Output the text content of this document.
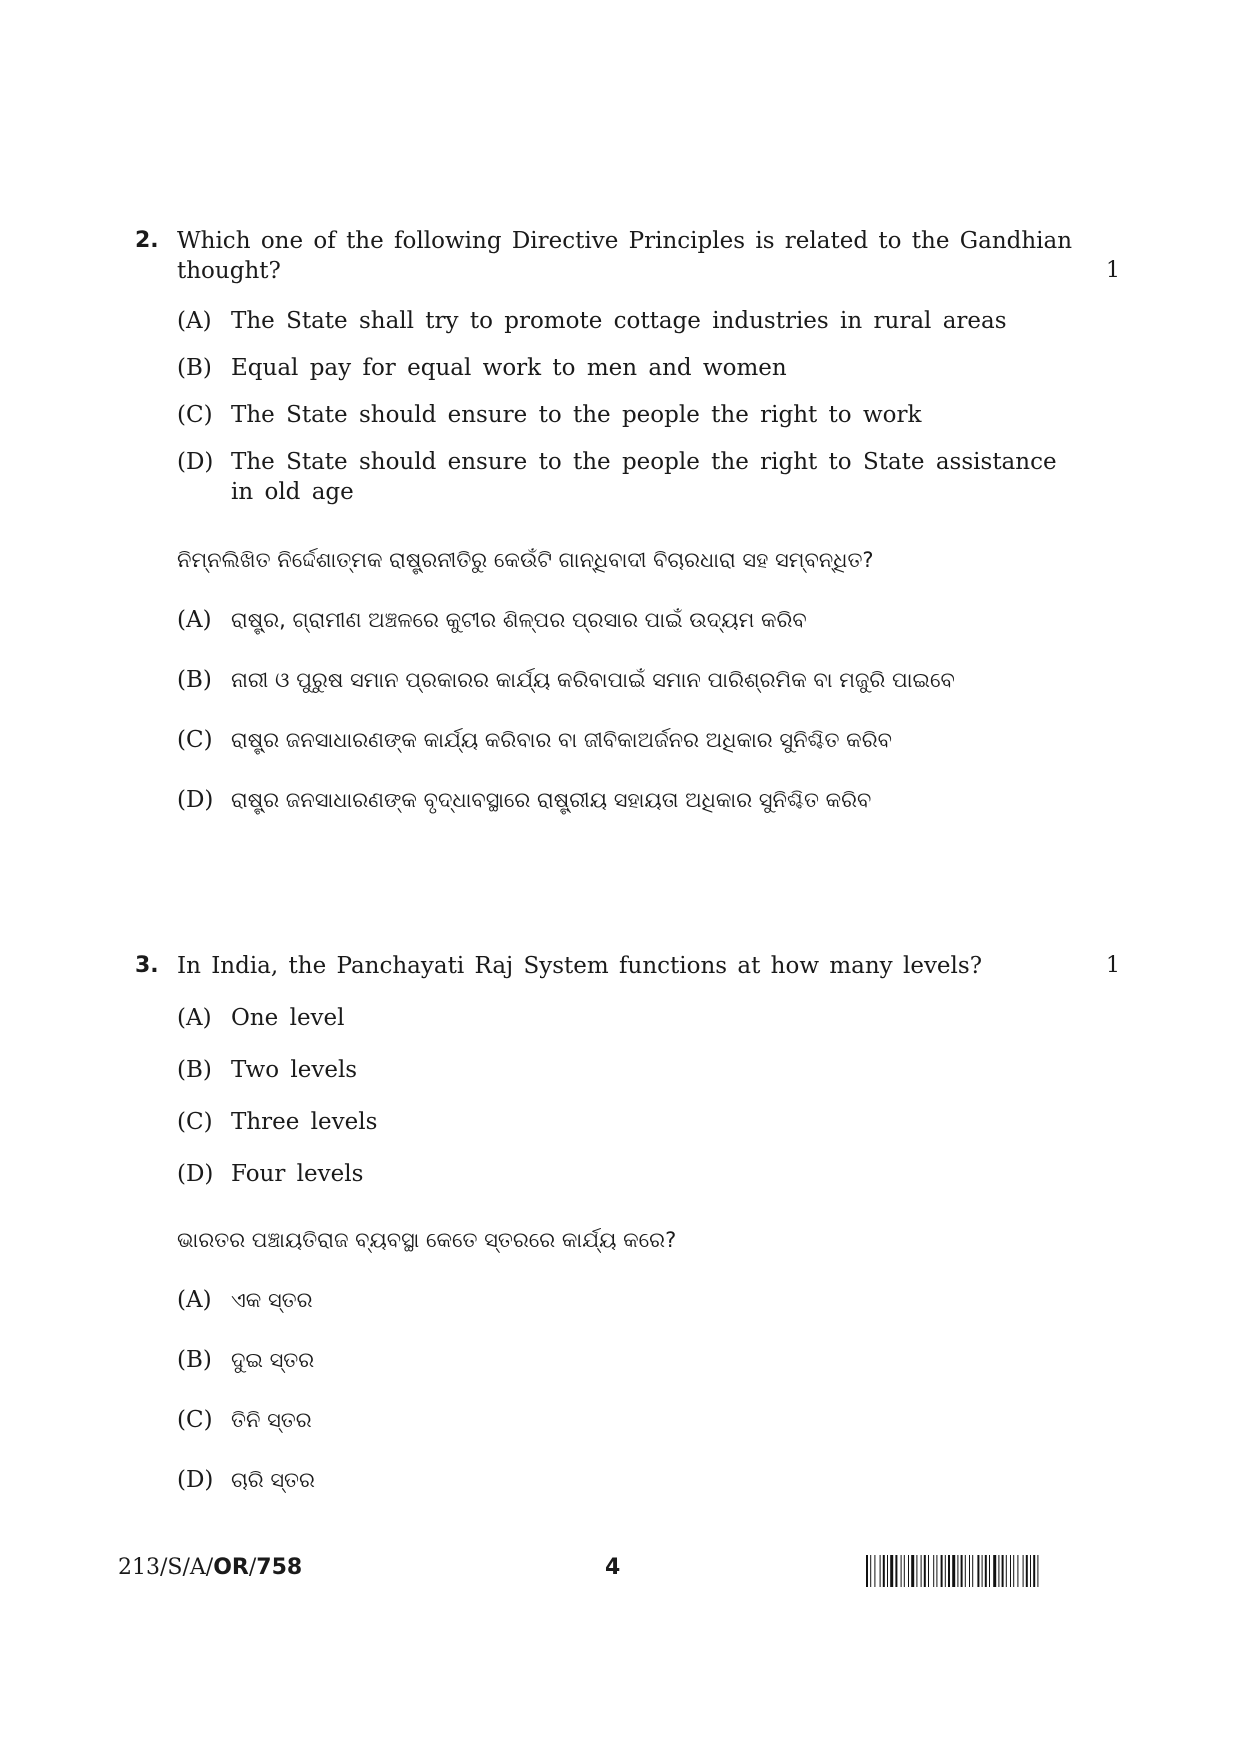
2. Which one of the following Directive Principles is related to the Gandhian thought?	1
(A) The State shall try to promote cottage industries in rural areas
(B) Equal pay for equal work to men and women
(C) The State should ensure to the people the right to work
(D) The State should ensure to the people the right to State assistance in old age
ନିମ୍ନଲିଖିତ ନିର୍ଦ୍ଦେଶାତ୍ମକ ରାଷ୍ଟ୍ରନୀତିରୁ କେଉଁଟି ଗାନ୍ଧିବାଦୀ ବିଚାରଧାରା ସହ ସମ୍ବନ୍ଧିତ?
(A) ରାଷ୍ଟ୍ର, ଗ୍ରାମୀଣ ଅଞ୍ଚଳରେ କୁଟୀର ଶିଳ୍ପର ପ୍ରସାର ପାଇଁ ଉଦ୍ୟମ କରିବ
(B) ନାରୀ ଓ ପୁରୁଷ ସମାନ ପ୍ରକାରର କାର୍ଯ୍ୟ କରିବାପାଇଁ ସମାନ ପାରିଶ୍ରମିକ ବା ମଜୁରି ପାଇବେ
(C) ରାଷ୍ଟ୍ର ଜନସାଧାରଣଙ୍କ କାର୍ଯ୍ୟ କରିବାର ବା ଜୀବିକାଅର୍ଜନର ଅଧିକାର ସୁନିଶ୍ଚିତ କରିବ
(D) ରାଷ୍ଟ୍ର ଜନସାଧାରଣଙ୍କ ବୃଦ୍ଧାବସ୍ଥାରେ ରାଷ୍ଟ୍ରୀୟ ସହାୟତା ଅଧିକାର ସୁନିଶ୍ଚିତ କରିବ
3. In India, the Panchayati Raj System functions at how many levels?	1
(A) One level
(B) Two levels
(C) Three levels
(D) Four levels
ଭାରତର ପଞ୍ଚାୟତିରାଜ ବ୍ୟବସ୍ଥା କେତେ ସ୍ତରରେ କାର୍ଯ୍ୟ କରେ?
(A) ଏକ ସ୍ତର
(B) ଦୁଇ ସ୍ତର
(C) ତିନି ସ୍ତର
(D) ଚାରି ସ୍ତର
213/S/A/OR/758	4
